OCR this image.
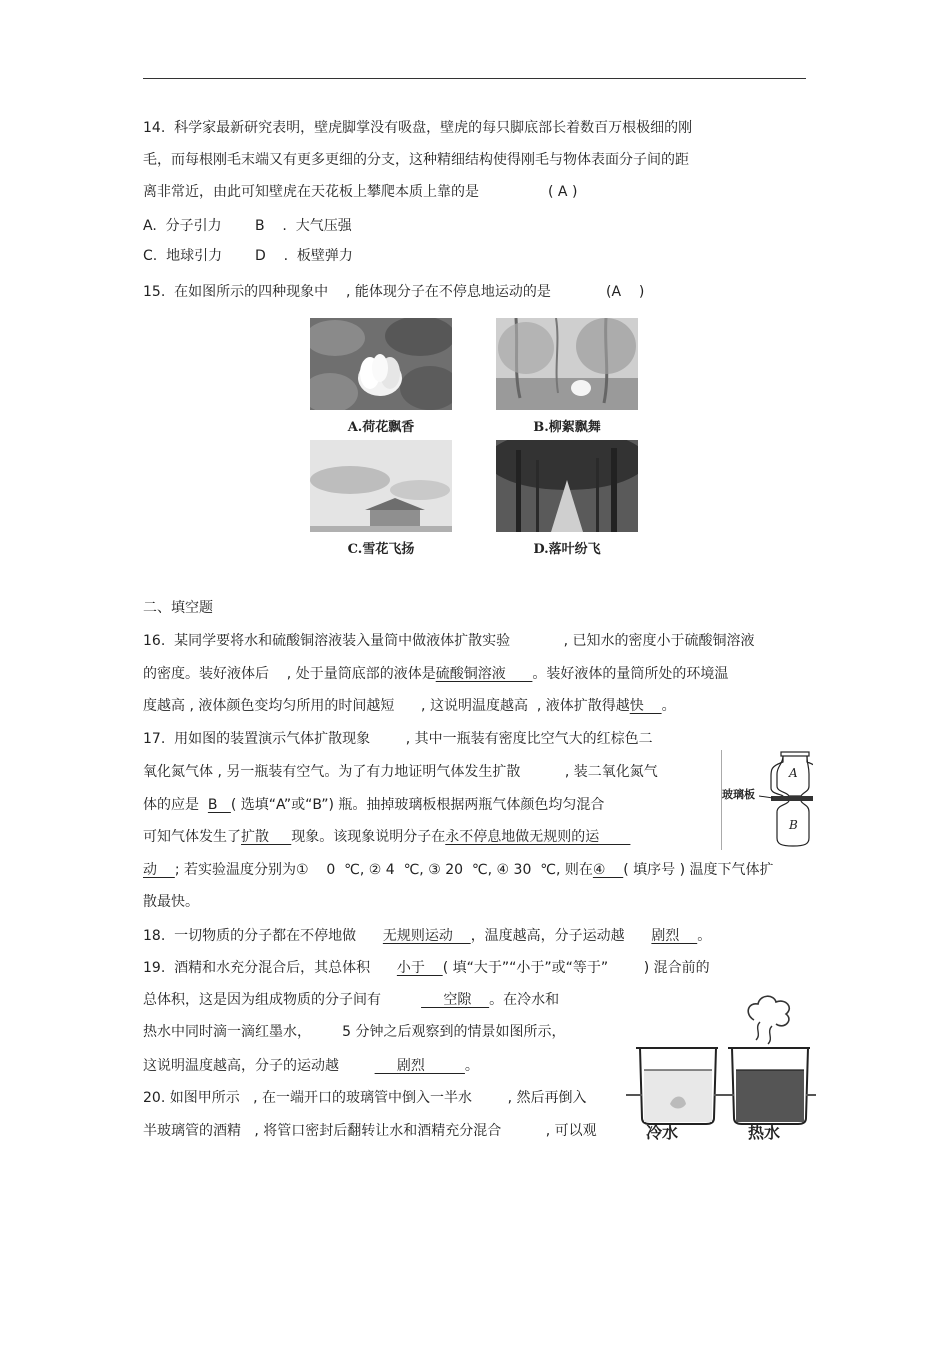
14.  科学家最新研究表明，壁虎脚掌没有吸盘，壁虎的每只脚底部长着数百万根极细的刚
毛，而每根刚毛末端又有更多更细的分支，这种精细结构使得刚毛与物体表面分子间的距
离非常近，由此可知壁虎在天花板上攀爬本质上靠的是	( A )
A.  分子引力 B    .  大气压强
C.  地球引力 D    .  板壁弹力
15.  在如图所示的四种现象中    , 能体现分子在不停息地运动的是	(A    )
A.荷花飘香	B.柳絮飘舞
C.雪花飞扬	D.落叶纷飞
二、填空题
16.  某同学要将水和硫酸铜溶液装入量筒中做液体扩散实验            , 已知水的密度小于硫酸铜溶液
的密度。装好液体后    , 处于量筒底部的液体是硫酸铜溶液      。装好液体的量筒所处的环境温
度越高 , 液体颜色变均匀所用的时间越短      , 这说明温度越高  , 液体扩散得越快    。
17.  用如图的装置演示气体扩散现象        , 其中一瓶装有密度比空气大的红棕色二
氧化氮气体 , 另一瓶装有空气。为了有力地证明气体发生扩散          , 装二氧化氮气
体的应是  B   ( 选填“A”或“B”) 瓶。抽掉玻璃板根据两瓶气体颜色均匀混合
可知气体发生了扩散     现象。该现象说明分子在永不停息地做无规则的运
动    ; 若实验温度分别为①    0  ℃, ② 4  ℃, ③ 20  ℃, ④ 30  ℃, 则在④    ( 填序号 ) 温度下气体扩
散最快。
玻璃板
A
B
18.  一切物质的分子都在不停地做      无规则运动    ，温度越高，分子运动越      剧烈    。
19.  酒精和水充分混合后，其总体积      小于    ( 填“大于”“小于”或“等于”        ) 混合前的
总体积，这是因为组成物质的分子间有              空隙    。在冷水和
热水中同时滴一滴红墨水，       5 分钟之后观察到的情景如图所示，
这说明温度越高，分子的运动越             剧烈         。
冷水	热水
20. 如图甲所示   , 在一端开口的玻璃管中倒入一半水        , 然后再倒入
半玻璃管的酒精   , 将管口密封后翻转让水和酒精充分混合          , 可以观
